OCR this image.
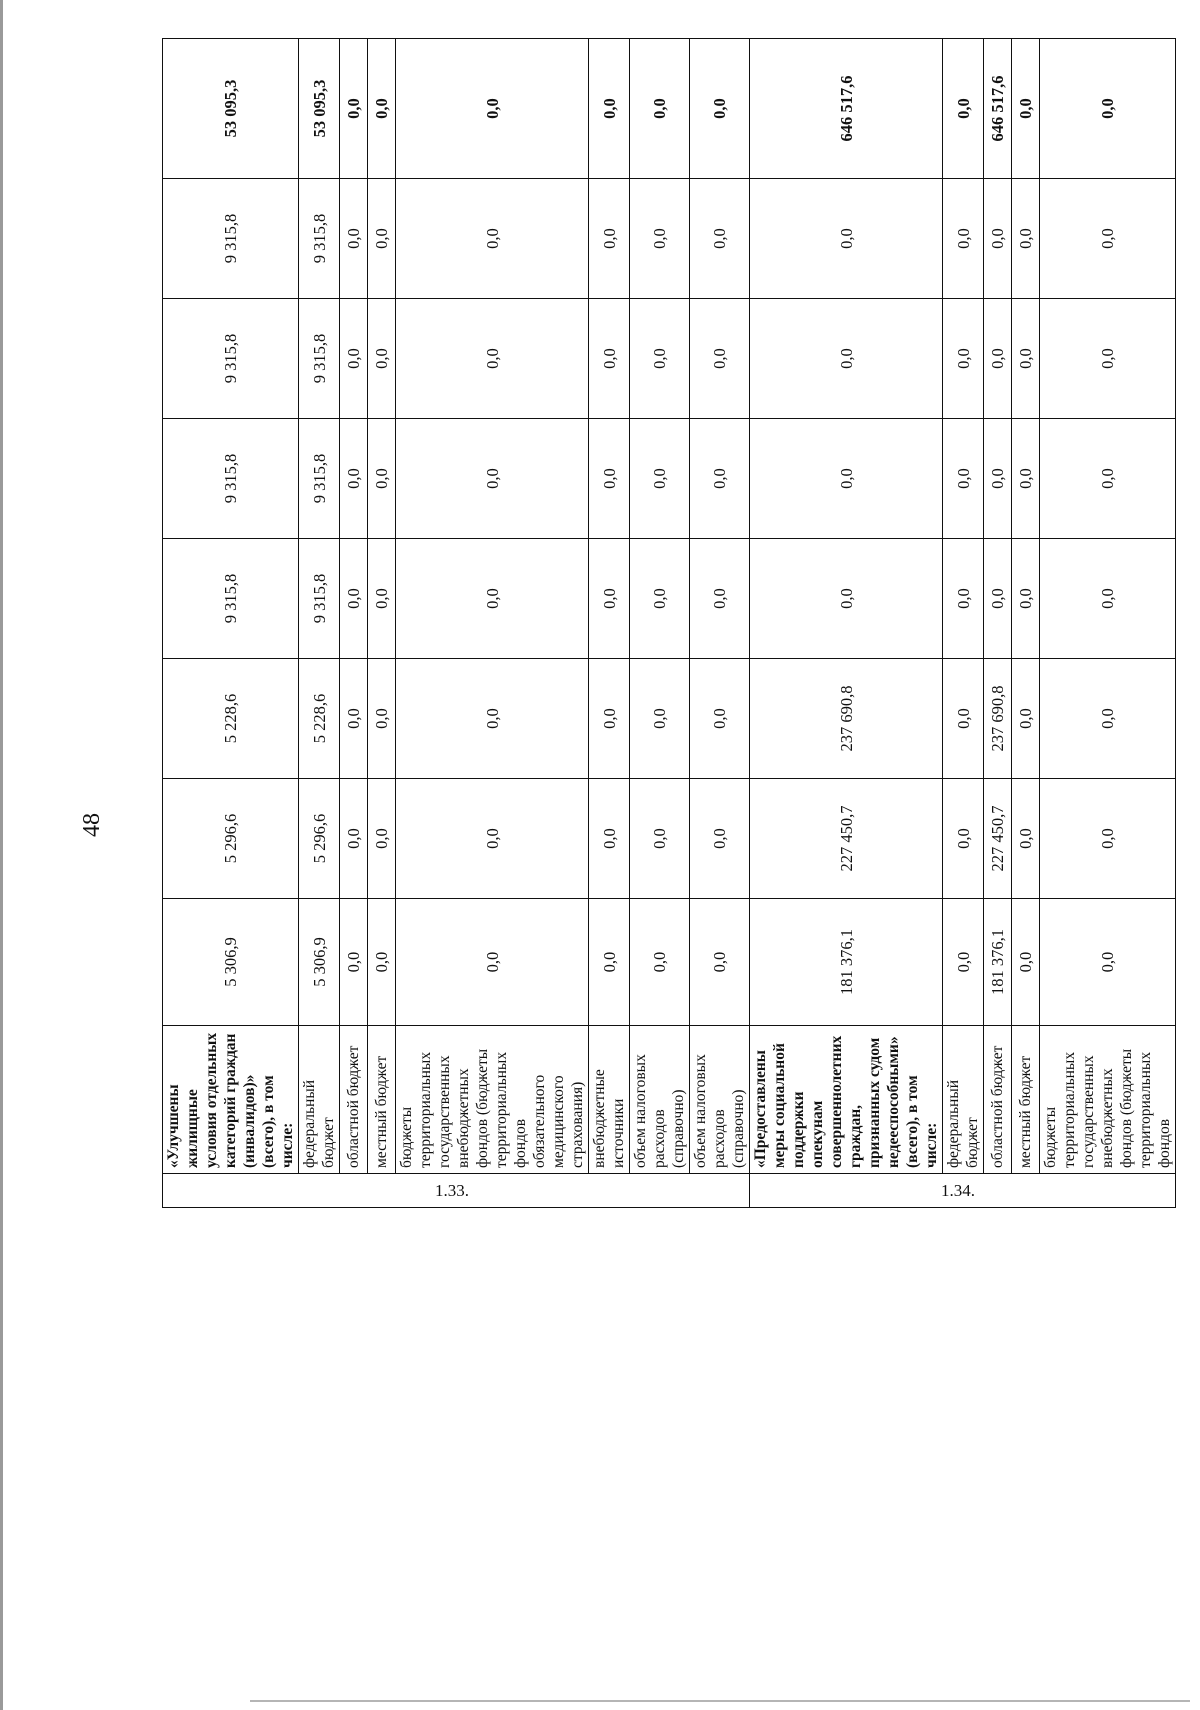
48
1.33.	«Улучшены жилищные условия отдельных категорий граждан (инвалидов)» (всего), в том числе:	5 306,9	5 296,6	5 228,6	9 315,8	9 315,8	9 315,8	9 315,8	53 095,3
	федеральный бюджет	5 306,9	5 296,6	5 228,6	9 315,8	9 315,8	9 315,8	9 315,8	53 095,3
	областной бюджет	0,0	0,0	0,0	0,0	0,0	0,0	0,0	0,0
	местный бюджет	0,0	0,0	0,0	0,0	0,0	0,0	0,0	0,0
	бюджеты территориальных государственных внебюджетных фондов (бюджеты территориальных фондов обязательного медицинского страхования)	0,0	0,0	0,0	0,0	0,0	0,0	0,0	0,0
	внебюджетные источники	0,0	0,0	0,0	0,0	0,0	0,0	0,0	0,0
	объем налоговых расходов (справочно)	0,0	0,0	0,0	0,0	0,0	0,0	0,0	0,0
	объем налоговых расходов (справочно)	0,0	0,0	0,0	0,0	0,0	0,0	0,0	0,0

1.34.	«Предоставлены меры социальной поддержки опекунам совершеннолетних граждан, признанных судом недееспособными» (всего), в том числе:	181 376,1	227 450,7	237 690,8	0,0	0,0	0,0	0,0	646 517,6
	федеральный бюджет	0,0	0,0	0,0	0,0	0,0	0,0	0,0	0,0
	областной бюджет	181 376,1	227 450,7	237 690,8	0,0	0,0	0,0	0,0	646 517,6
	местный бюджет	0,0	0,0	0,0	0,0	0,0	0,0	0,0	0,0
	бюджеты территориальных государственных внебюджетных фондов (бюджеты территориальных фондов	0,0	0,0	0,0	0,0	0,0	0,0	0,0	0,0
